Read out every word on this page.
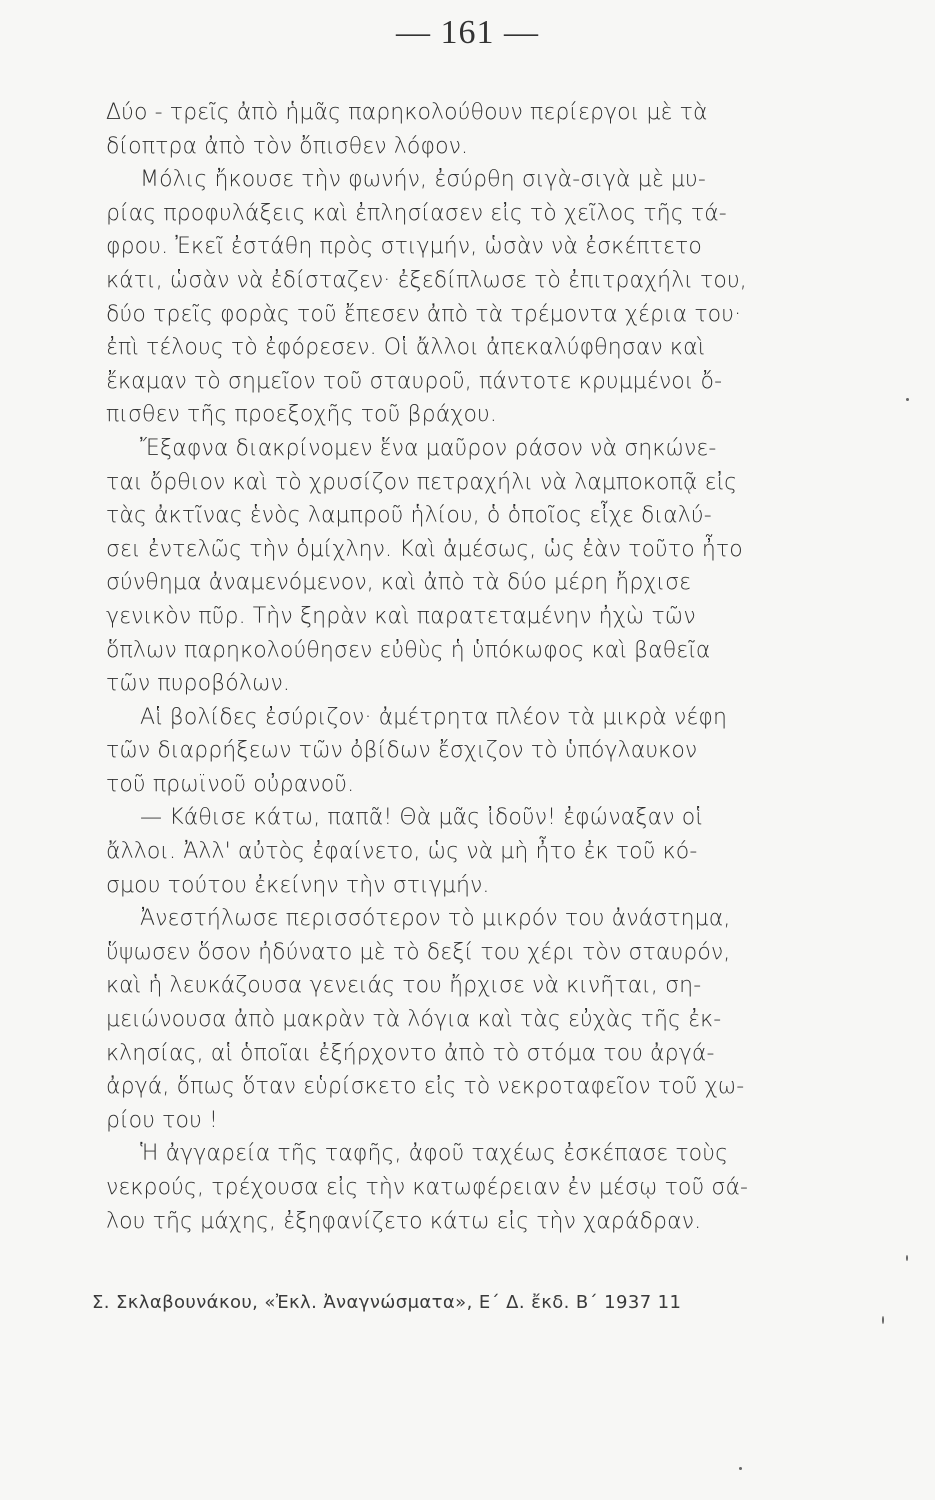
— 161 —
Δύο - τρεῖς ἀπὸ ἡμᾶς παρηκολούθουν περίεργοι μὲ τὰ
δίοπτρα ἀπὸ τὸν ὄπισθεν λόφον.
Μόλις ἤκουσε τὴν φωνήν, ἐσύρθη σιγὰ-σιγὰ μὲ μυ-
ρίας προφυλάξεις καὶ ἐπλησίασεν εἰς τὸ χεῖλος τῆς τά-
φρου. Ἐκεῖ ἐστάθη πρὸς στιγμήν, ὡσὰν νὰ ἐσκέπτετο
κάτι, ὡσὰν νὰ ἐδίσταζεν· ἐξεδίπλωσε τὸ ἐπιτραχήλι του,
δύο τρεῖς φορὰς τοῦ ἔπεσεν ἀπὸ τὰ τρέμοντα χέρια του·
ἐπὶ τέλους τὸ ἐφόρεσεν. Οἱ ἄλλοι ἀπεκαλύφθησαν καὶ
ἔκαμαν τὸ σημεῖον τοῦ σταυροῦ, πάντοτε κρυμμένοι ὄ-
πισθεν τῆς προεξοχῆς τοῦ βράχου.
Ἔξαφνα διακρίνομεν ἕνα μαῦρον ράσον νὰ σηκώνε-
ται ὄρθιον καὶ τὸ χρυσίζον πετραχήλι νὰ λαμποκοπᾷ εἰς
τὰς ἀκτῖνας ἑνὸς λαμπροῦ ἡλίου, ὁ ὁποῖος εἶχε διαλύ-
σει ἐντελῶς τὴν ὁμίχλην. Καὶ ἀμέσως, ὡς ἐὰν τοῦτο ἦτο
σύνθημα ἀναμενόμενον, καὶ ἀπὸ τὰ δύο μέρη ἤρχισε
γενικὸν πῦρ. Τὴν ξηρὰν καὶ παρατεταμένην ἠχὼ τῶν
ὅπλων παρηκολούθησεν εὐθὺς ἡ ὑπόκωφος καὶ βαθεῖα
τῶν πυροβόλων.
Αἱ βολίδες ἐσύριζον· ἀμέτρητα πλέον τὰ μικρὰ νέφη
τῶν διαρρήξεων τῶν ὀβίδων ἔσχιζον τὸ ὑπόγλαυκον
τοῦ πρωϊνοῦ οὐρανοῦ.
— Κάθισε κάτω, παπᾶ! Θὰ μᾶς ἰδοῦν! ἐφώναξαν οἱ
ἄλλοι. Ἀλλ' αὐτὸς ἐφαίνετο, ὡς νὰ μὴ ἦτο ἐκ τοῦ κό-
σμου τούτου ἐκείνην τὴν στιγμήν.
Ἀνεστήλωσε περισσότερον τὸ μικρόν του ἀνάστημα,
ὕψωσεν ὅσον ἠδύνατο μὲ τὸ δεξί του χέρι τὸν σταυρόν,
καὶ ἡ λευκάζουσα γενειάς του ἤρχισε νὰ κινῆται, ση-
μειώνουσα ἀπὸ μακρὰν τὰ λόγια καὶ τὰς εὐχὰς τῆς ἐκ-
κλησίας, αἱ ὁποῖαι ἐξήρχοντο ἀπὸ τὸ στόμα του ἀργά-
ἀργά, ὅπως ὅταν εὑρίσκετο εἰς τὸ νεκροταφεῖον τοῦ χω-
ρίου του !
Ἡ ἀγγαρεία τῆς ταφῆς, ἀφοῦ ταχέως ἐσκέπασε τοὺς
νεκρούς, τρέχουσα εἰς τὴν κατωφέρειαν ἐν μέσῳ τοῦ σά-
λου τῆς μάχης, ἐξηφανίζετο κάτω εἰς τὴν χαράδραν.
Σ. Σκλαβουνάκου, «Ἐκλ. Ἀναγνώσματα», Ε΄ Δ. ἔκδ. Β΄ 1937 11
